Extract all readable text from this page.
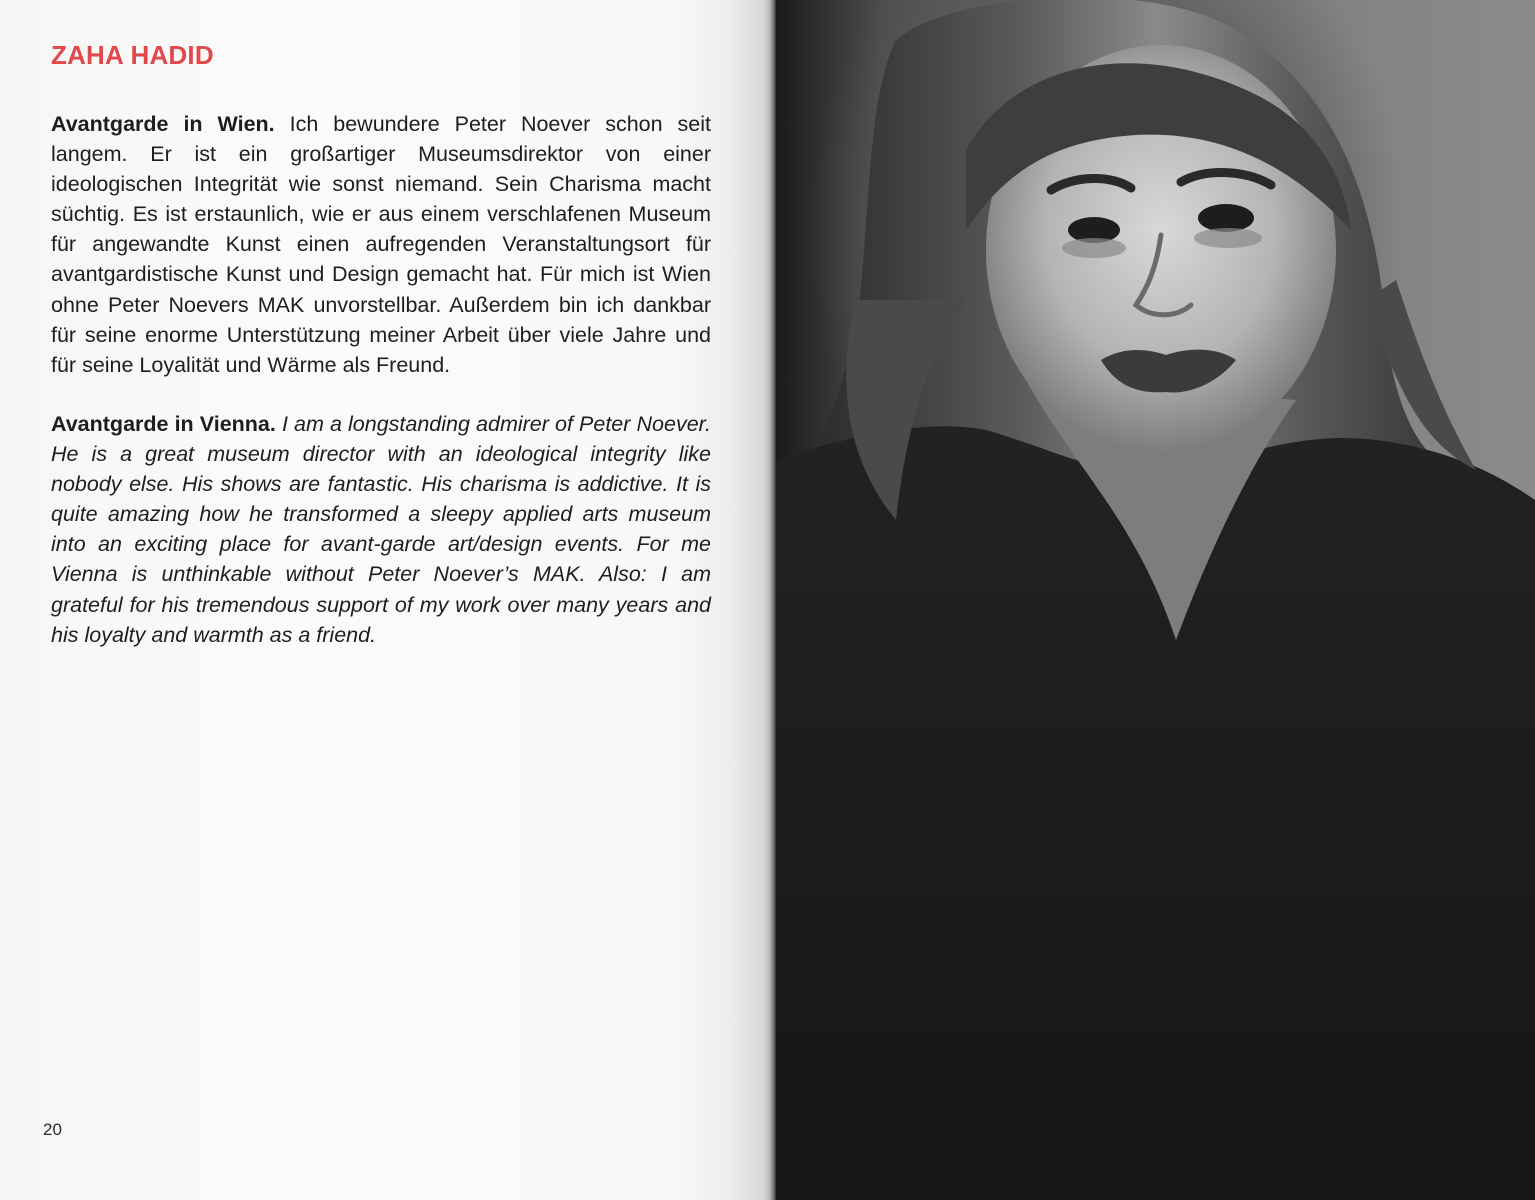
ZAHA HADID

Avantgarde in Wien. Ich bewundere Peter Noever schon seit langem. Er ist ein großartiger Museumsdirektor von einer ideologischen Integrität wie sonst niemand. Sein Charisma macht süchtig. Es ist erstaunlich, wie er aus einem verschlafenen Museum für angewandte Kunst einen aufregenden Veranstaltungsort für avantgardistische Kunst und Design gemacht hat. Für mich ist Wien ohne Peter Noevers MAK unvorstellbar. Außerdem bin ich dankbar für seine enorme Unterstützung meiner Arbeit über viele Jahre und für seine Loyalität und Wärme als Freund.

Avantgarde in Vienna. I am a longstanding admirer of Peter Noever. He is a great museum director with an ideological integrity like nobody else. His shows are fantastic. His charisma is addictive. It is quite amazing how he transformed a sleepy applied arts museum into an exciting place for avant-garde art/design events. For me Vienna is unthinkable without Peter Noever’s MAK. Also: I am grateful for his tremendous support of my work over many years and his loyalty and warmth as a friend.

20
